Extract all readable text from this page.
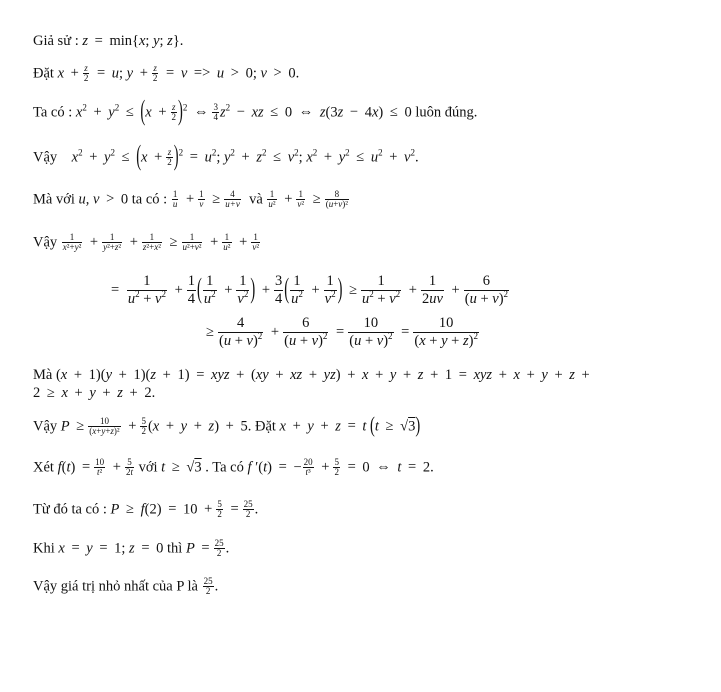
Giả sử : z = min{x; y; z}.
Đặt $x + \frac{z}{2} = u$; $y + \frac{z}{2} = v => u > 0$; v > 0.
Ta có : $x^2 + y^2 \le (x + \frac{z}{2} )^2$ ⇔ $\frac{3}{4} z^2$ − xz ≤ 0 ⇔ z(3z − 4x) ≤ 0 luôn đúng.
Vậy    $x^2 + y^2 \le (x + \frac{z}{2} )^2 = u^2$; $y^2 + z^2 \le v^2$; $x^2 + y^2 \le u^2 + v^2$.
Mà với u, v > 0 ta có : $\frac{1}{u} + \frac{1}{v} \ge \frac{4}{u+v}$ và $\frac{1}{\text{u²}} + \frac{1}{\text{v²}} \ge \frac{8}{\text{(u+v)²}}$
Vậy $\frac{1}{\text{x²+y²}} + \frac{1}{\text{y²+z²}} + \frac{1}{\text{z²+x²}} \ge \frac{1}{\text{u²+v²}} + \frac{1}{\text{u²}} + \frac{1}{\text{v²}}$
= $\frac{1}{u^2 + v^2} + \frac{1}{4}$ ( $\frac{1}{u^2} + \frac{1}{v^2}$ ) + $\frac{3}{4}$ ( $\frac{1}{u^2} + \frac{1}{v^2}$ ) ≥ $\frac{1}{u^2 + v^2} + \frac{1}{2uv} + \frac{6}{(u + v)^2}$
≥ $\frac{4}{(u + v)^2} + \frac{6}{(u + v)^2} = \frac{10}{(u + v)^2} = \frac{10}{(x + y + z)^2}$
Mà (x + 1)(y + 1)(z + 1) = xyz + (xy + xz + yz) + x + y + z + 1 = xyz + x + y + z +
2 ≥ x + y + z + 2.
Vậy $P \ge \frac{10}{\text{(x+y+z)²}} + \frac{5}{2} (x + y + z) + 5$. Đặt x + y + z = t (t ≥ √3)
Xét $f(t) = \frac{10}{\text{t²}} + \frac{5}{2t}$ với t ≥ √3 . Ta có f ′(t) = − $\frac{20}{\text{t³}} + \frac{5}{2} = 0$ ⇔ t = 2.
Từ đó ta có : $P \ge f(2) = 10 + \frac{5}{2} = \frac{25}{2}$ .
Khi x = y = 1; z = 0 thì $P = \frac{25}{2}$ .
Vậy giá trị nhỏ nhất của P là $\frac{25}{2}$ .
